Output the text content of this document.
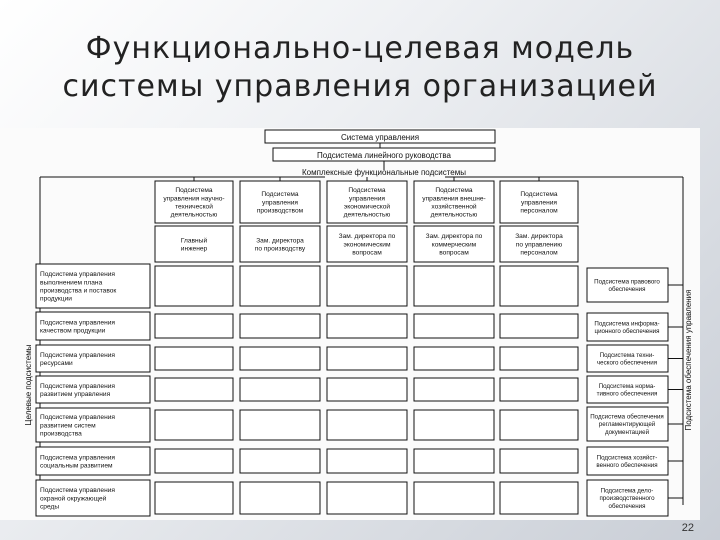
Функционально-целевая модель
системы управления организацией
Система управления
Подсистема линейного руководства
Комплексные функциональные подсистемы
Целевые подсистемы	Подсистема обеспечения управления
Подсистема управления научно-технической деятельностью
Главный инженер
Подсистема управления производством
Зам. директора по производству
Подсистема управления экономической деятельностью
Зам. директора по экономическим вопросам
Подсистема управления внешне-хозяйственной деятельностью
Зам. директора по коммерческим вопросам
Подсистема управления персоналом
Зам. директора по управлению персоналом
Подсистема управления выполнением плана производства и поставок продукции
Подсистема управления качеством продукции
Подсистема управления ресурсами
Подсистема управления развитием управления
Подсистема управления развитием систем производства
Подсистема управления социальным развитием
Подсистема управления охраной окружающей среды
Подсистема правового обеспечения
Подсистема информа-ционного обеспечения
Подсистема техни-ческого обеспечения
Подсистема норма-тивного обеспечения
Подсистема обеспечения регламентирующей документацией
Подсистема хозяйст-венного обеспечения
Подсистема дело-производственного обеспечения
22
